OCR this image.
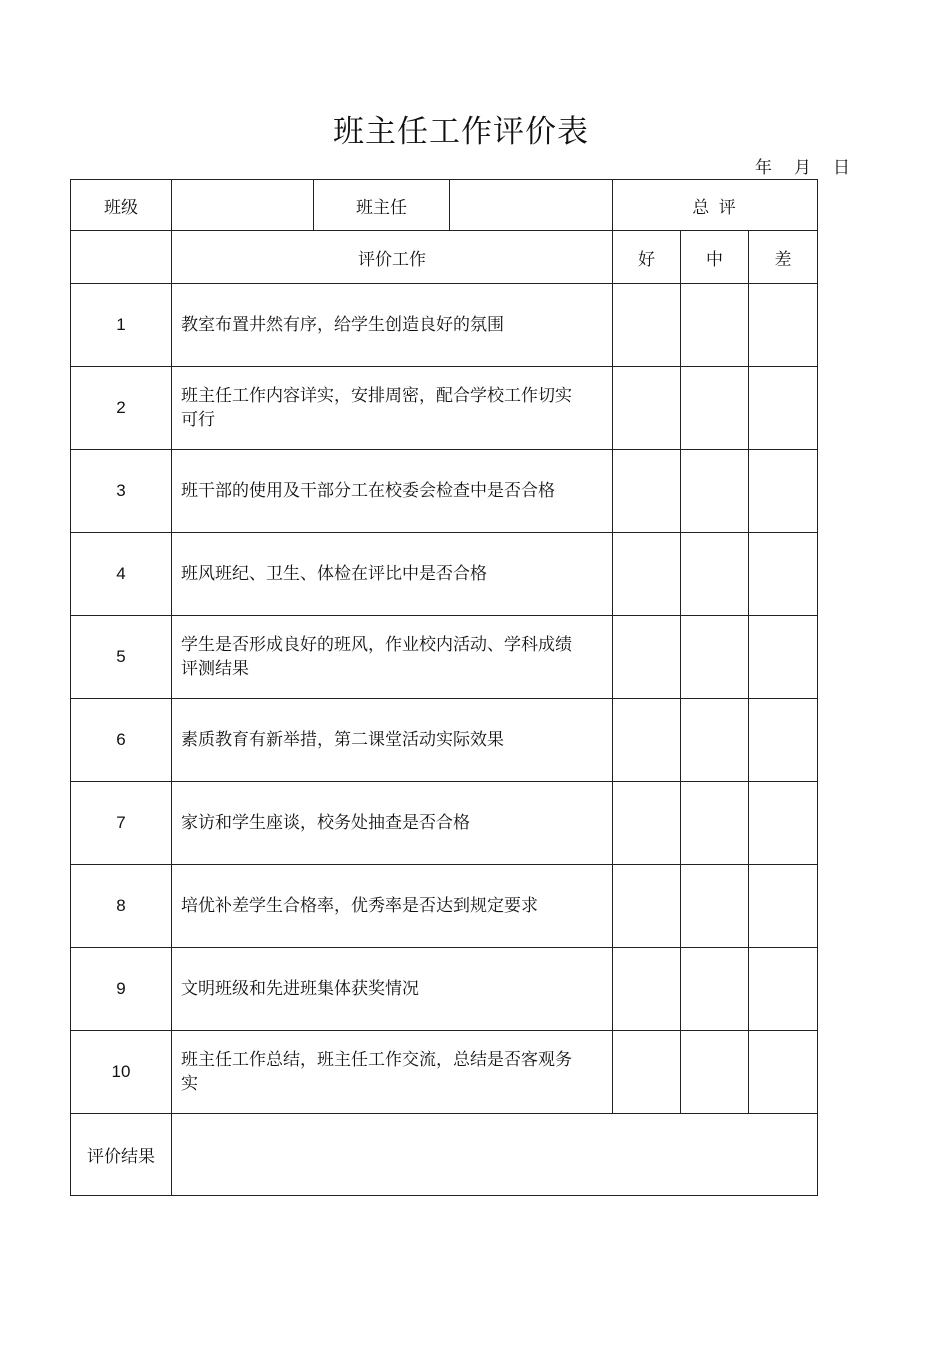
班主任工作评价表
年 月 日
班级		班主任		总 评		
	评价工作			好	中	差
1	教室布置井然有序，给学生创造良好的氛围					
2	班主任工作内容详实，安排周密，配合学校工作切实可行					
3	班干部的使用及干部分工在校委会检查中是否合格					
4	班风班纪、卫生、体检在评比中是否合格					
5	学生是否形成良好的班风，作业校内活动、学科成绩评测结果					
6	素质教育有新举措，第二课堂活动实际效果					
7	家访和学生座谈，校务处抽查是否合格					
8	培优补差学生合格率，优秀率是否达到规定要求					
9	文明班级和先进班集体获奖情况					
10	班主任工作总结，班主任工作交流，总结是否客观务实					
评价结果						
